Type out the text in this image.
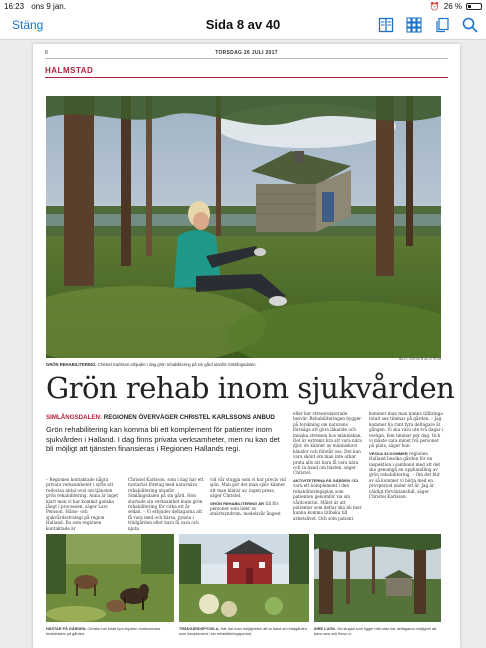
16:23 ons 9 jan.	⏰ 26 %
Stäng	Sida 8 av 40
8	TORSDAG 26 JULI 2017
HALMSTAD
GRÖN REHABILITERING. Christel Karlsson erbjuder i dag grön rehabilitering på sin gård utanför Simlångsdalen.
BILD: JÖRGEN ALSTRÖM
Grön rehab inom sjukvården
SIMLÅNGSDALEN: REGIONEN ÖVERVÄGER CHRISTEL KARLSSONS ANBUD
Grön rehabilitering kan komma bli ett komplement för patienter inom sjukvården i Halland. I dag finns privata verksamheter, men nu kan det bli möjligt att tjänsten finansieras i Regionen Hallands regi.

– Regionen kontaktade några privata verksamheter i syfte att redovisa antal oval om tjänsten grön rehabilitering. Anna är inget klart men vi har kommit ganska långt i processen, säger Lars Persson, Hälso- och sjukvårdsstrategi på region Halland. En som regionen kontaktade är

Christel Karlsson, som i dag har ett nystartat företag med naturnära rehabilitering utanför Simlångsdalen på sin gård. Hon startade sin verksamhet inom grön rehabilitering för cirka ett år sedan. – Vi erbjuder deltagarna att få vara med och härsa, pyssla i trädgården eller bara få vara och njuta

vid vår stugga som vi har precis vid sjön. Man gör det man själv känner att man klarar av, ingen press, säger Christel.

GRÖN REHABILITERING ÄR till för personer som lider av smärtsyndrom, medelsvår ångest

eller har stressrelaterade besvär. Rehabiliteringen bygger på forskning om naturens förmåga att göra läkande och minska stressen hos människan. Det är extremt bra att vara nära djur, de känner av människors känslor och förstår oss. Det kan vara skönt om man inte orkar prata alls att bara få vara nära och ta hand om hästen, säger Christel.

AKTIVITETERNA PÅ GÅRDEN ska vara ett komplement i den rehabiliteringsplan som patienten genomför via sin vårdcentral. Målet är att patienter som deltar ska bli mer kunna komma tillbaka till arbetslivet. Och som patient

kommer man man kunna tillbringa totalt sex timmar på gården. – Jag kommer ha runt fyra deltagare åt gången. Vi ska vara ute två dagar i veckan, fem timmar per dag. Och vi måste vara minst två personer på plats, säger hon.

VECKA 33 KOMMER regionen Halland besöka gården för en inspektion i samband med att det ska genomgå en upphandling av grön rehabilitering. – Om det blir av så kommer vi börja med en provperiod under ett år. Jag är väldigt förväntansfull, säger Christel Karlsson.

HÄSTAR PÅ GÅRDEN. Christel har totalt fyra stycken nordsvenska brukshästar på gården.
TRÄDGÅRDSPYSSLA. Här har man möjligheten att ta hand om trädgården som komplement i sin rehabiliteringsperiod.
INRE LUGN. Vid stugan som ligger mitt utan har deltagarna möjlighet att bara vara och finna ro.
